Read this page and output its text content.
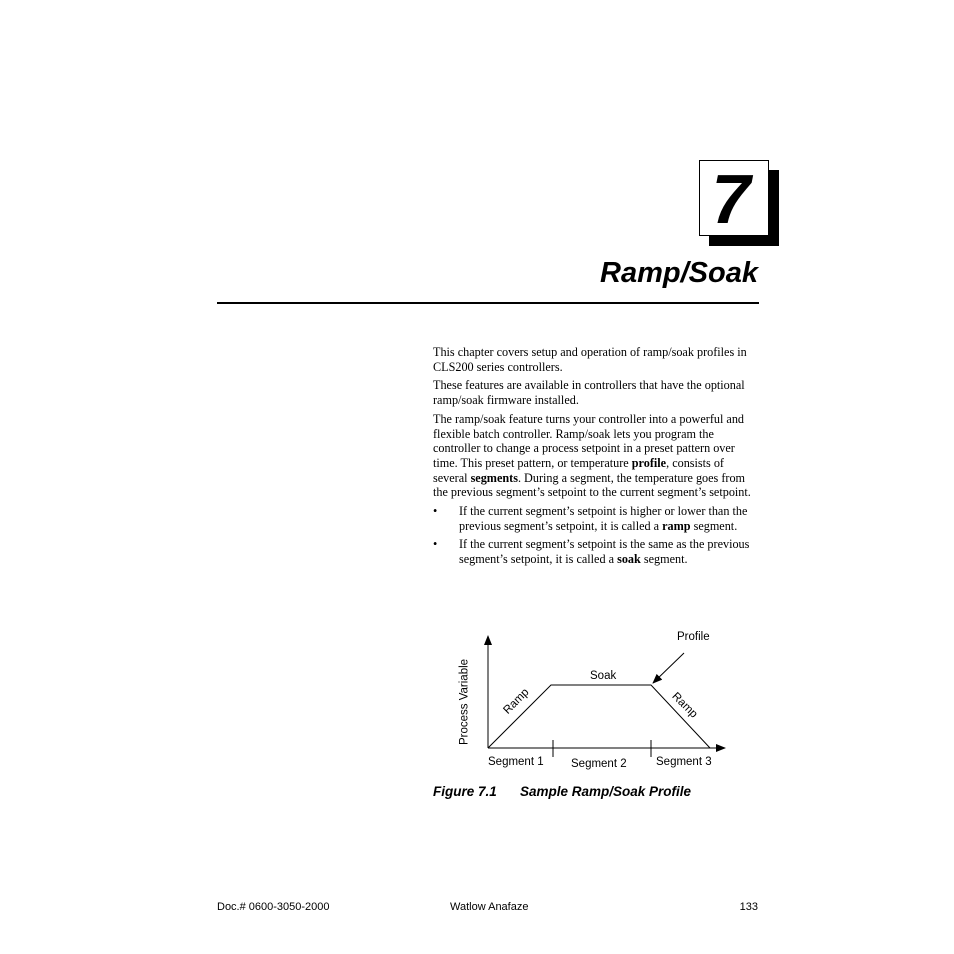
7
Ramp/Soak

This chapter covers setup and operation of ramp/soak profiles in CLS200 series controllers.

These features are available in controllers that have the optional ramp/soak firmware installed.

The ramp/soak feature turns your controller into a powerful and flexible batch controller. Ramp/soak lets you program the controller to change a process setpoint in a preset pattern over time. This preset pattern, or temperature profile, consists of several segments. During a segment, the temperature goes from the previous segment’s setpoint to the current segment’s setpoint.

• If the current segment’s setpoint is higher or lower than the previous segment’s setpoint, it is called a ramp segment.
• If the current segment’s setpoint is the same as the previous segment’s setpoint, it is called a soak segment.
Process Variable
Profile
Soak
Ramp	Ramp
Segment 1 Segment 2	Segment 3
Figure 7.1 Sample Ramp/Soak Profile
Doc.# 0600-3050-2000	Watlow Anafaze	133
